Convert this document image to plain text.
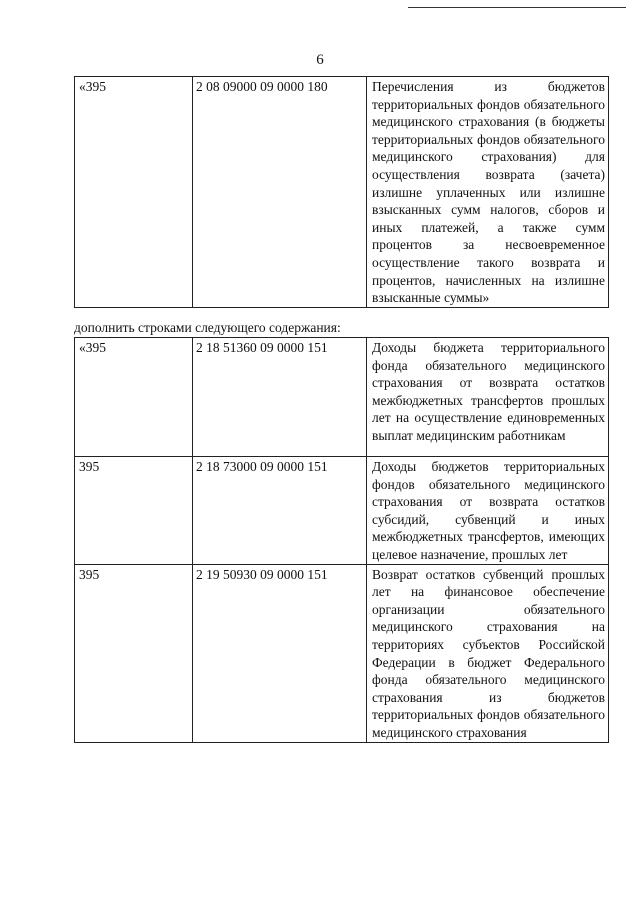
6
«395	2 08 09000 09 0000 180	Перечисления из бюджетов территориальных фондов обязательного медицинского страхования (в бюджеты территориальных фондов обязательного медицинского страхования) для осуществления возврата (зачета) излишне уплаченных или излишне взысканных сумм налогов, сборов и иных платежей, а также сумм процентов за несвоевременное осуществление такого возврата и процентов, начисленных на излишне взысканные суммы»
дополнить строками следующего содержания:
«395	2 18 51360 09 0000 151	Доходы бюджета территориального фонда обязательного медицинского страхования от возврата остатков межбюджетных трансфертов прошлых лет на осуществление единовременных выплат медицинским работникам
395	2 18 73000 09 0000 151	Доходы бюджетов территориальных фондов обязательного медицинского страхования от возврата остатков субсидий, субвенций и иных межбюджетных трансфертов, имеющих целевое назначение, прошлых лет
395	2 19 50930 09 0000 151	Возврат остатков субвенций прошлых лет на финансовое обеспечение организации обязательного медицинского страхования на территориях субъектов Российской Федерации в бюджет Федерального фонда обязательного медицинского страхования из бюджетов территориальных фондов обязательного медицинского страхования
